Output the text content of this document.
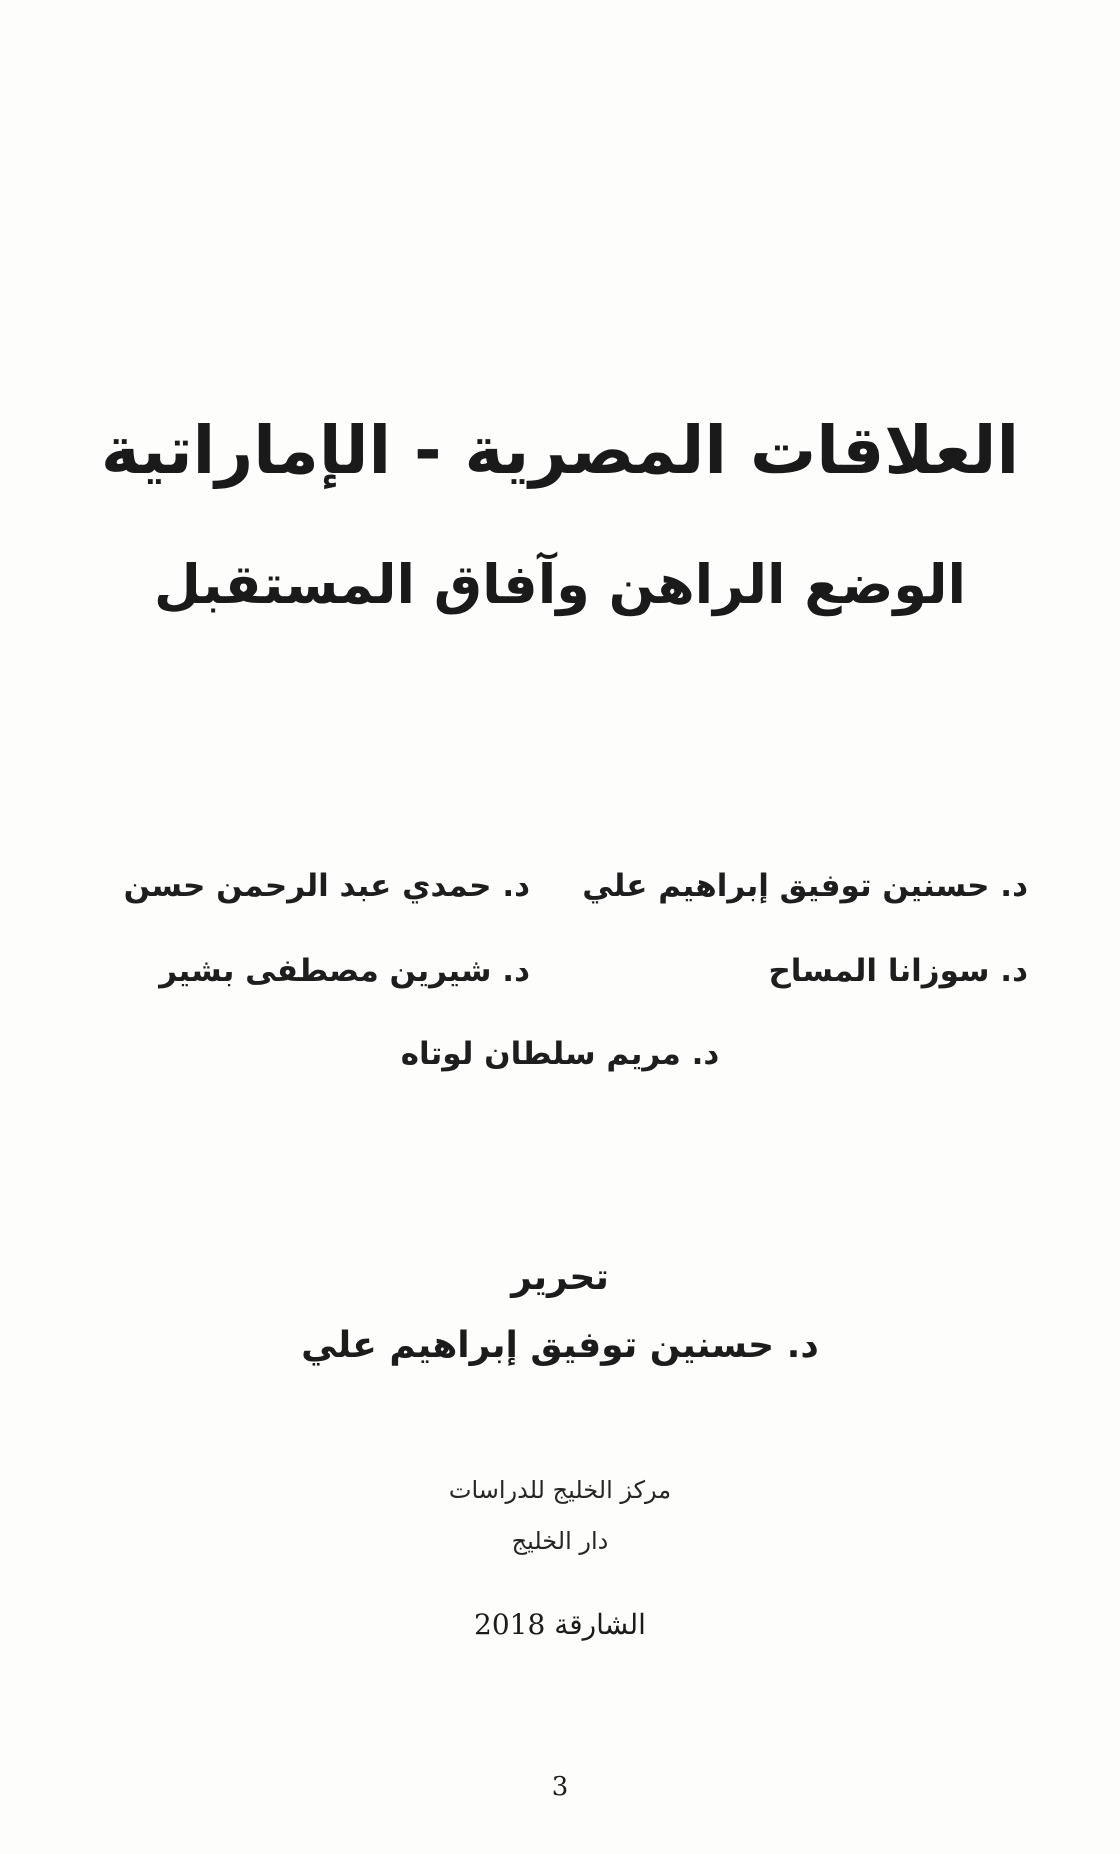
العلاقات المصرية - الإماراتية
الوضع الراهن وآفاق المستقبل
د. حسنين توفيق إبراهيم علي
د. حمدي عبد الرحمن حسن
د. سوزانا المساح
د. شيرين مصطفى بشير
د. مريم سلطان لوتاه
تحرير
د. حسنين توفيق إبراهيم علي
مركز الخليج للدراسات
دار الخليج
الشارقة 2018
3
